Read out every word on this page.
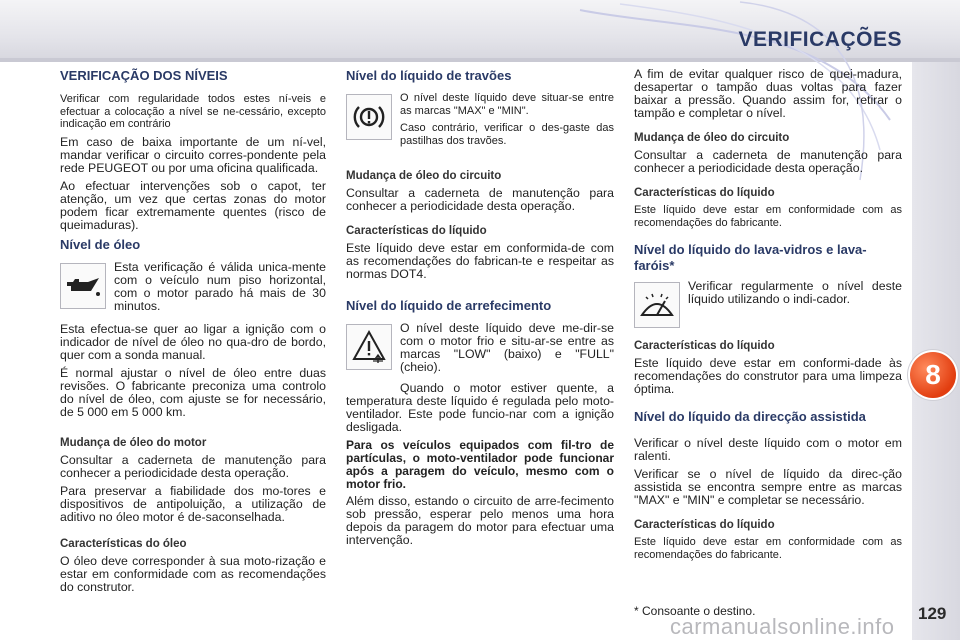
VERIFICAÇÕES
8
129
VERIFICAÇÃO DOS NÍVEIS
Verificar com regularidade todos estes ní-veis e efectuar a colocação a nível se ne-cessário, excepto indicação em contrário
Em caso de baixa importante de um ní-vel, mandar verificar o circuito corres-pondente pela rede PEUGEOT ou por uma oficina qualificada.
Ao efectuar intervenções sob o capot, ter atenção, um vez que certas zonas do motor podem ficar extremamente quentes (risco de queimaduras).
Nível de óleo
Esta verificação é válida unica-mente com o veículo num piso horizontal, com o motor parado há mais de 30 minutos.
Esta efectua-se quer ao ligar a ignição com o indicador de nível de óleo no qua-dro de bordo, quer com a sonda manual.
É normal ajustar o nível de óleo entre duas revisões. O fabricante preconiza uma controlo do nível de óleo, com ajuste se for necessário, de 5 000 em 5 000 km.
Mudança de óleo do motor
Consultar a caderneta de manutenção para conhecer a periodicidade desta operação.
Para preservar a fiabilidade dos mo-tores e dispositivos de antipoluição, a utilização de aditivo no óleo motor é de-saconselhada.
Características do óleo
O óleo deve corresponder à sua moto-rização e estar em conformidade com as recomendações do construtor.
Nível do líquido de travões
O nível deste líquido deve situar-se entre as marcas "MAX" e "MIN".
Caso contrário, verificar o des-gaste das pastilhas dos travões.
Mudança de óleo do circuito
Consultar a caderneta de manutenção para conhecer a periodicidade desta operação.
Características do líquido
Este líquido deve estar em conformida-de com as recomendações do fabrican-te e respeitar as normas DOT4.
Nível do líquido de arrefecimento
O nível deste líquido deve me-dir-se com o motor frio e situ-ar-se entre as marcas "LOW" (baixo) e "FULL" (cheio).
Quando o motor estiver quente, a temperatura deste líquido é regulada pelo moto-ventilador. Este pode funcio-nar com a ignição desligada.
Para os veículos equipados com fil-tro de partículas, o moto-ventilador pode funcionar após a paragem do veículo, mesmo com o motor frio.
Além disso, estando o circuito de arre-fecimento sob pressão, esperar pelo menos uma hora depois da paragem do motor para efectuar uma intervenção.
A fim de evitar qualquer risco de quei-madura, desapertar o tampão duas voltas para fazer baixar a pressão. Quando assim for, retirar o tampão e completar o nível.
Mudança de óleo do circuito
Consultar a caderneta de manutenção para conhecer a periodicidade desta operação.
Características do líquido
Este líquido deve estar em conformidade com as recomendações do fabricante.
Nível do líquido do lava-vidros e lava-faróis*
Verificar regularmente o nível deste líquido utilizando o indi-cador.
Características do líquido
Este líquido deve estar em conformi-dade às recomendações do construtor para uma limpeza óptima.
Nível do líquido da direcção assistida
Verificar o nível deste líquido com o motor em ralenti.
Verificar se o nível de líquido da direc-ção assistida se encontra sempre entre as marcas "MAX" e "MIN" e completar se necessário.
Características do líquido
Este líquido deve estar em conformidade com as recomendações do fabricante.
* Consoante o destino.
carmanualsonline.info
